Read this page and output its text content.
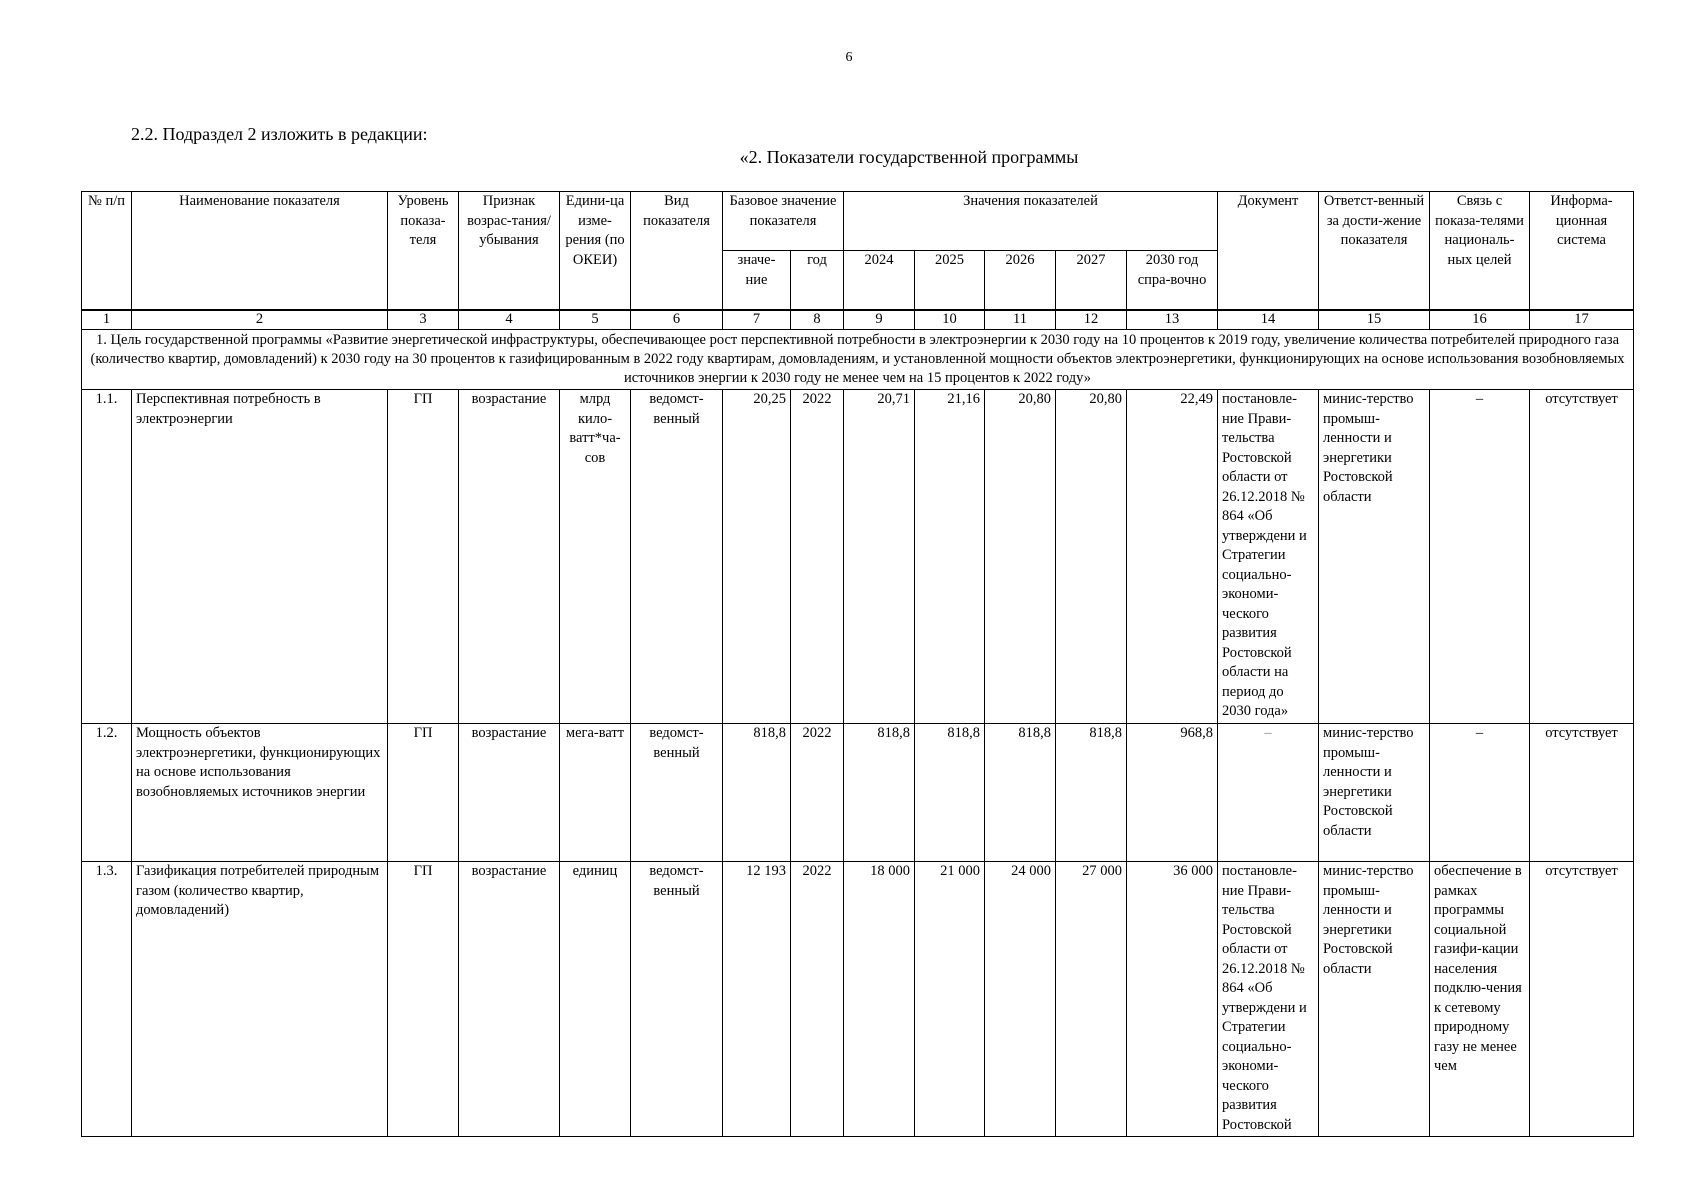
6
2.2. Подраздел 2 изложить в редакции:
«2. Показатели государственной программы
№ п/п	Наименование показателя	Уровень показа-теля	Признак возрас-тания/ убывания	Едини-ца изме-рения (по ОКЕИ)	Вид показателя	Базовое значение показателя		Значения показателей					Документ	Ответст-венный за дости-жение показателя	Связь с показа-телями националь-ных целей	Информа-ционная система
						значе-ние	год	2024	2025	2026	2027	2030 год спра-вочно				
1	2	3	4	5	6	7	8	9	10	11	12	13	14	15	16	17
1. Цель государственной программы «Развитие энергетической инфраструктуры, обеспечивающее рост перспективной потребности в электроэнергии к 2030 году на 10 процентов к 2019 году, увеличение количества потребителей природного газа (количество квартир, домовладений) к 2030 году на 30 процентов к газифицированным в 2022 году квартирам, домовладениям, и установленной мощности объектов электроэнергетики, функционирующих на основе использования возобновляемых источников энергии к 2030 году не менее чем на 15 процентов к 2022 году»																
1.1.	Перспективная потребность в электроэнергии	ГП	возрастание	млрд кило-ватт*ча-сов	ведомст-венный	20,25	2022	20,71	21,16	20,80	20,80	22,49	постановле-ние Прави-тельства Ростовской области от 26.12.2018 № 864 «Об утверждени и Стратегии социально-экономи-ческого развития Ростовской области на период до 2030 года»	минис-терство промыш-ленности и энергетики Ростовской области	–	отсутствует
1.2.	Мощность объектов электроэнергетики, функционирующих на основе использования возобновляемых источников энергии	ГП	возрастание	мега-ватт	ведомст-венный	818,8	2022	818,8	818,8	818,8	818,8	968,8	–	минис-терство промыш-ленности и энергетики Ростовской области	–	отсутствует
1.3.	Газификация потребителей природным газом (количество квартир, домовладений)	ГП	возрастание	единиц	ведомст-венный	12 193	2022	18 000	21 000	24 000	27 000	36 000	постановле-ние Прави-тельства Ростовской области от 26.12.2018 № 864 «Об утверждени и Стратегии социально-экономи-ческого развития Ростовской	минис-терство промыш-ленности и энергетики Ростовской области	обеспечение в рамках программы социальной газифи-кации населения подклю-чения к сетевому природному газу не менее чем	отсутствует
